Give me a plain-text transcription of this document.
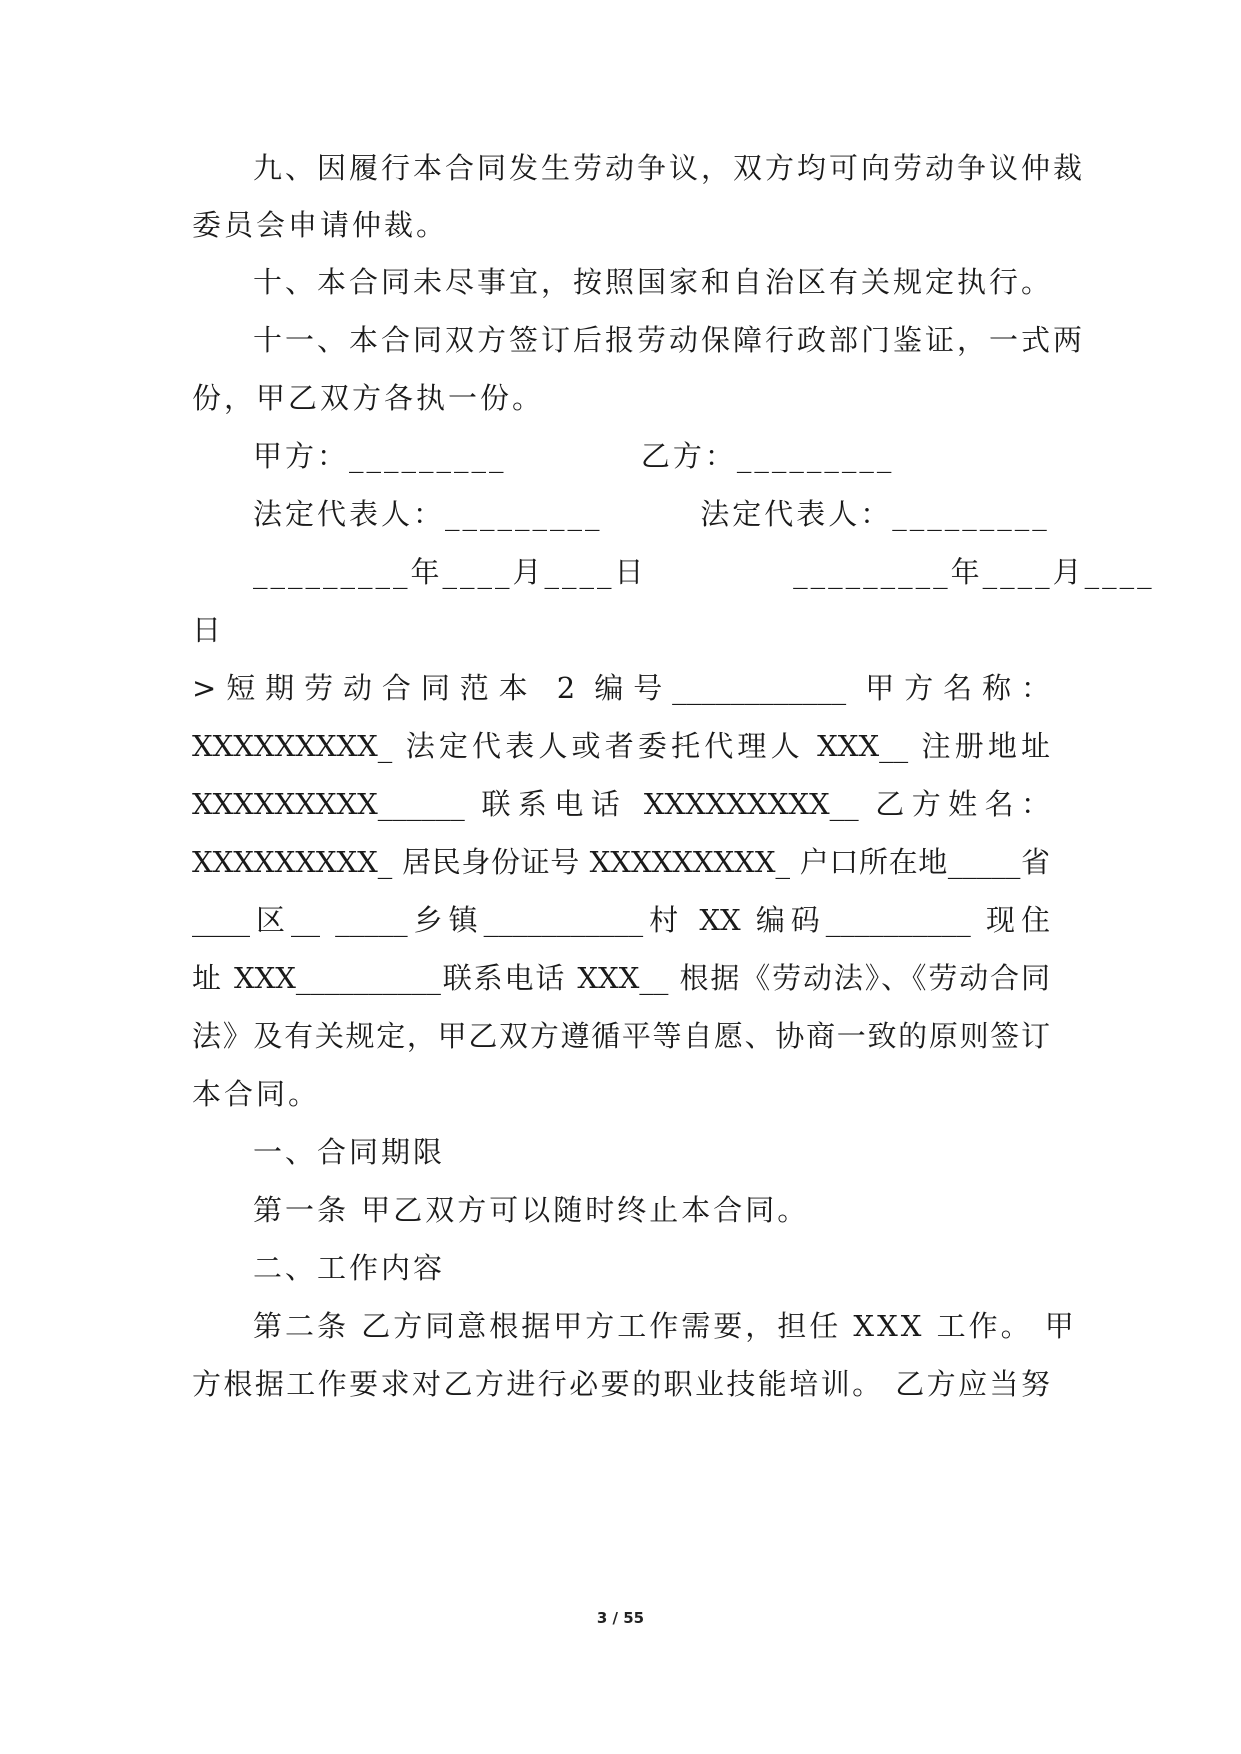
九、因履行本合同发生劳动争议，双方均可向劳动争议仲裁
委员会申请仲裁。
十、本合同未尽事宜，按照国家和自治区有关规定执行。
十一、本合同双方签订后报劳动保障行政部门鉴证，一式两
份，甲乙双方各执一份。
甲方：_________           乙方：_________
法定代表人：_________        法定代表人：_________
_________年____月____日            _________年____月____
日
>短期劳动合同范本 2 编号____________ 甲方名称：
XXXXXXXXX_ 法定代表人或者委托代理人 XXX__ 注册地址
XXXXXXXXX______ 联系电话 XXXXXXXXX__ 乙方姓名：
XXXXXXXXX_ 居民身份证号 XXXXXXXXX_ 户口所在地_____省
____区__ _____乡镇___________村 XX 编码__________ 现住
址 XXX__________联系电话 XXX__ 根据《劳动法》、《劳动合同
法》及有关规定，甲乙双方遵循平等自愿、协商一致的原则签订
本合同。
一、合同期限
第一条 甲乙双方可以随时终止本合同。
二、工作内容
第二条 乙方同意根据甲方工作需要，担任 XXX 工作。 甲
方根据工作要求对乙方进行必要的职业技能培训。 乙方应当努
3 / 55
